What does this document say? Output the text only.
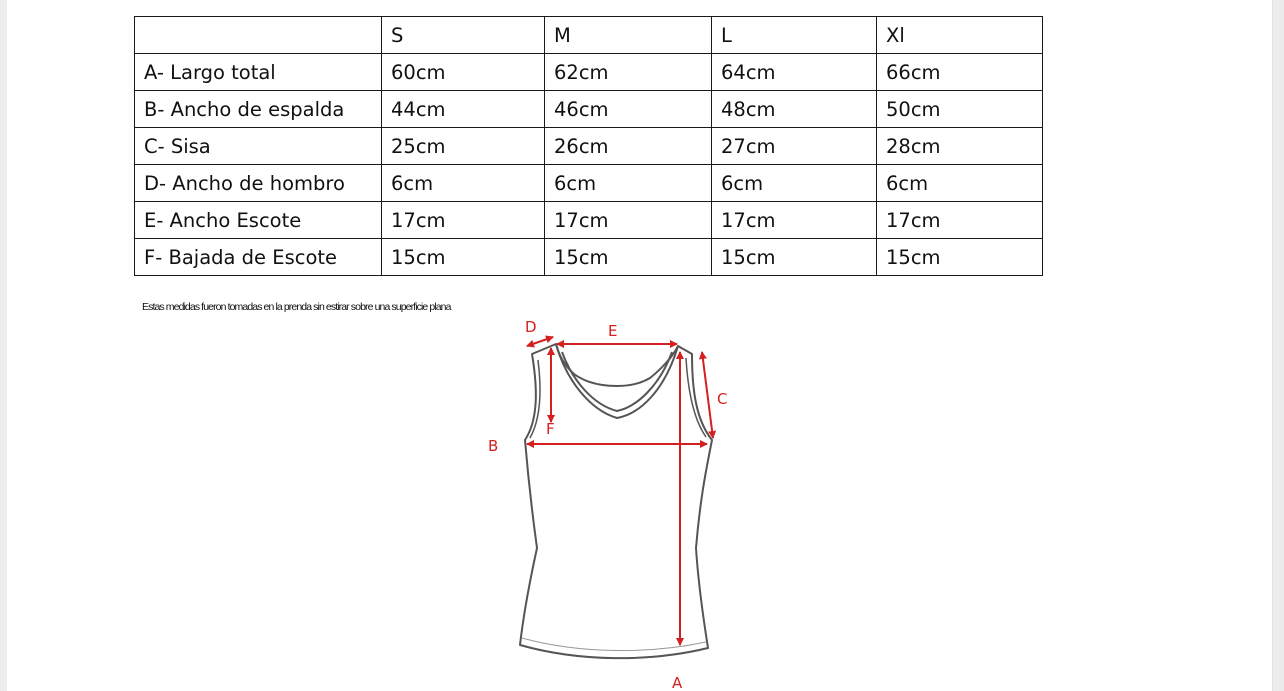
	S	M	L	Xl
A- Largo total	60cm	62cm	64cm	66cm
B- Ancho de espalda	44cm	46cm	48cm	50cm
C- Sisa	25cm	26cm	27cm	28cm
D- Ancho de hombro	6cm	6cm	6cm	6cm
E- Ancho Escote	17cm	17cm	17cm	17cm
F- Bajada de Escote	15cm	15cm	15cm	15cm
Estas medidas fueron tomadas en la prenda sin estirar sobre una superficie plana
A
B
C
D	E
F
